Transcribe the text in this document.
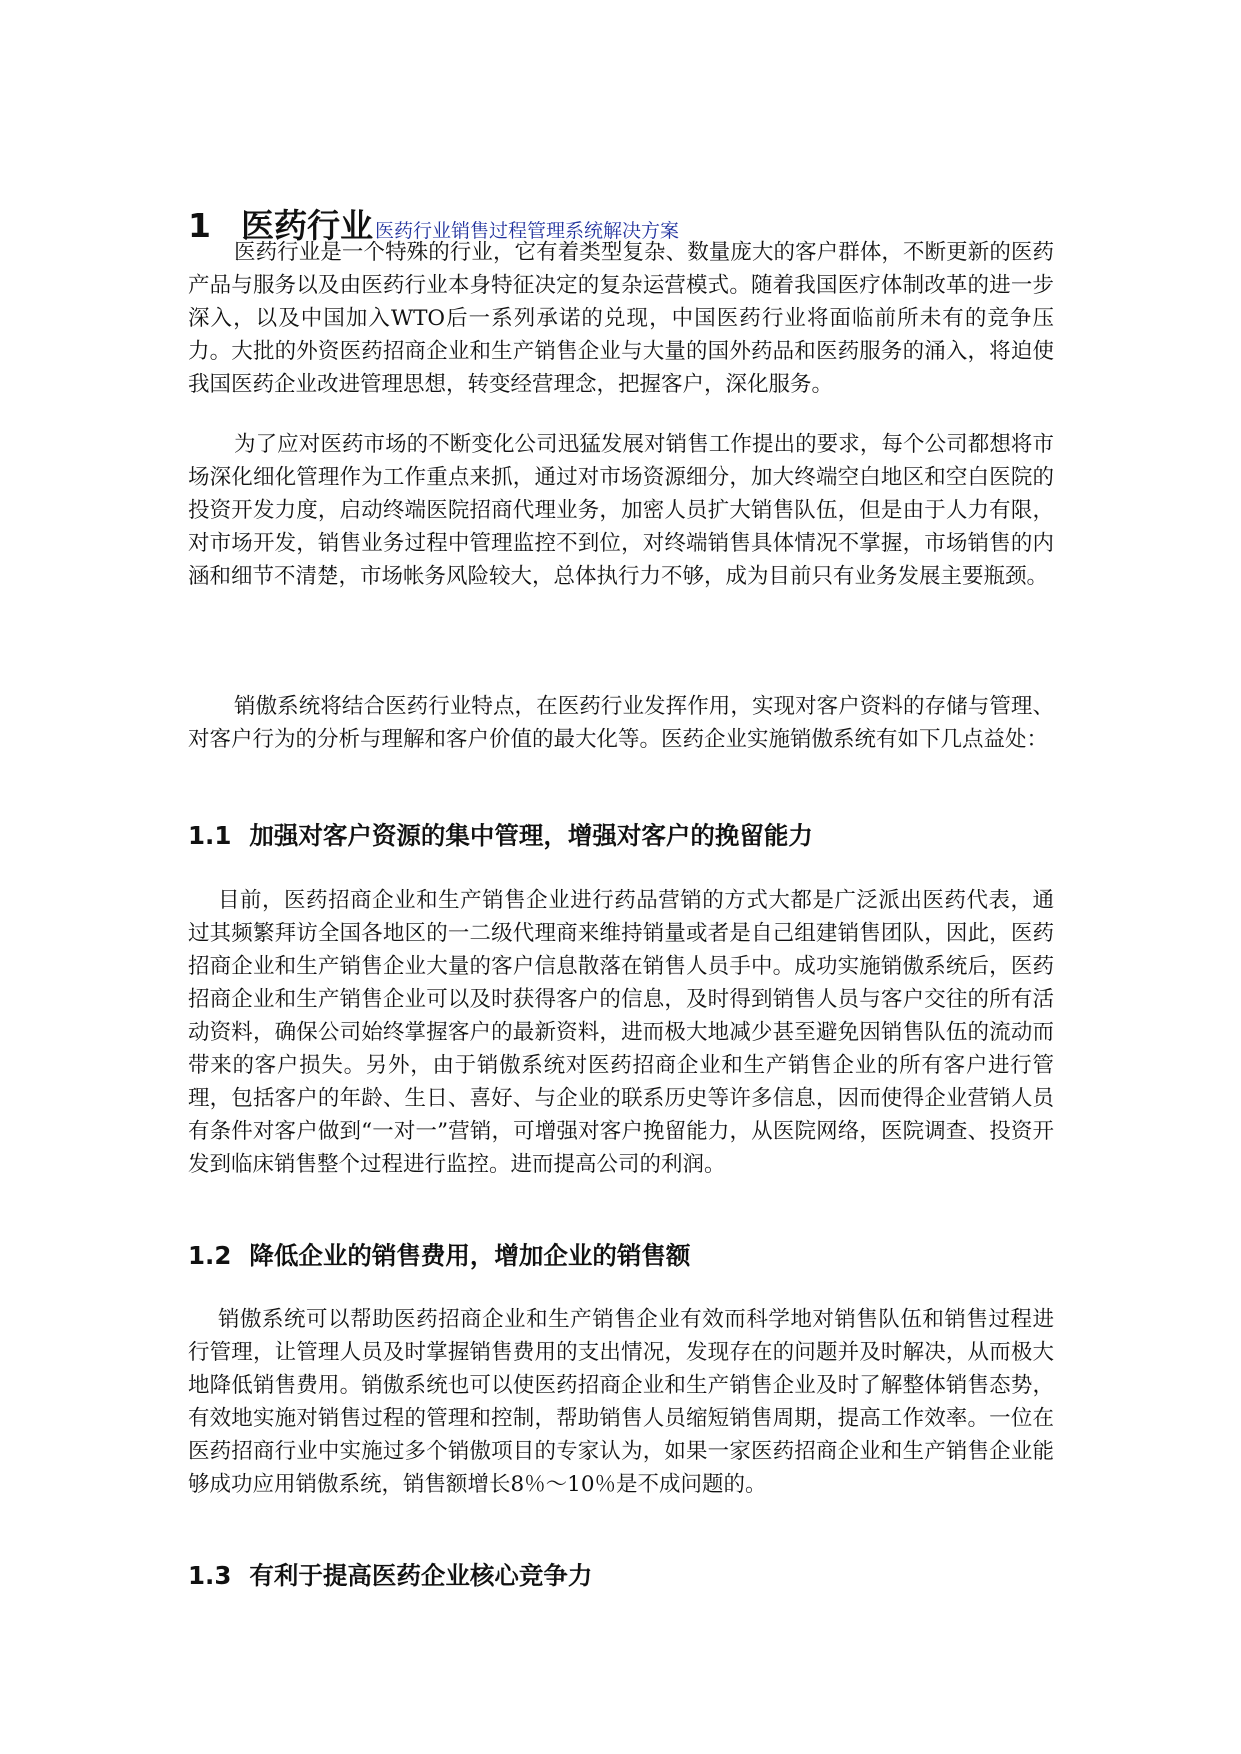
1 医药行业 医药行业销售过程管理系统解决方案

医药行业是一个特殊的行业，它有着类型复杂、数量庞大的客户群体，不断更新的医药产品与服务以及由医药行业本身特征决定的复杂运营模式。随着我国医疗体制改革的进一步深入，以及中国加入WTO后一系列承诺的兑现，中国医药行业将面临前所未有的竞争压力。大批的外资医药招商企业和生产销售企业与大量的国外药品和医药服务的涌入，将迫使我国医药企业改进管理思想，转变经营理念，把握客户，深化服务。

为了应对医药市场的不断变化公司迅猛发展对销售工作提出的要求，每个公司都想将市场深化细化管理作为工作重点来抓，通过对市场资源细分，加大终端空白地区和空白医院的投资开发力度，启动终端医院招商代理业务，加密人员扩大销售队伍，但是由于人力有限，对市场开发，销售业务过程中管理监控不到位，对终端销售具体情况不掌握，市场销售的内涵和细节不清楚，市场帐务风险较大，总体执行力不够，成为目前只有业务发展主要瓶颈。

销傲系统将结合医药行业特点，在医药行业发挥作用，实现对客户资料的存储与管理、对客户行为的分析与理解和客户价值的最大化等。医药企业实施销傲系统有如下几点益处：

1.1 加强对客户资源的集中管理，增强对客户的挽留能力

目前，医药招商企业和生产销售企业进行药品营销的方式大都是广泛派出医药代表，通过其频繁拜访全国各地区的一二级代理商来维持销量或者是自己组建销售团队，因此，医药招商企业和生产销售企业大量的客户信息散落在销售人员手中。成功实施销傲系统后，医药招商企业和生产销售企业可以及时获得客户的信息，及时得到销售人员与客户交往的所有活动资料，确保公司始终掌握客户的最新资料，进而极大地减少甚至避免因销售队伍的流动而带来的客户损失。另外，由于销傲系统对医药招商企业和生产销售企业的所有客户进行管理，包括客户的年龄、生日、喜好、与企业的联系历史等许多信息，因而使得企业营销人员有条件对客户做到“一对一”营销，可增强对客户挽留能力，从医院网络，医院调查、投资开发到临床销售整个过程进行监控。进而提高公司的利润。

1.2 降低企业的销售费用，增加企业的销售额

销傲系统可以帮助医药招商企业和生产销售企业有效而科学地对销售队伍和销售过程进行管理，让管理人员及时掌握销售费用的支出情况，发现存在的问题并及时解决，从而极大地降低销售费用。销傲系统也可以使医药招商企业和生产销售企业及时了解整体销售态势，有效地实施对销售过程的管理和控制，帮助销售人员缩短销售周期，提高工作效率。一位在医药招商行业中实施过多个销傲项目的专家认为，如果一家医药招商企业和生产销售企业能够成功应用销傲系统，销售额增长8％～10％是不成问题的。

1.3 有利于提高医药企业核心竞争力
